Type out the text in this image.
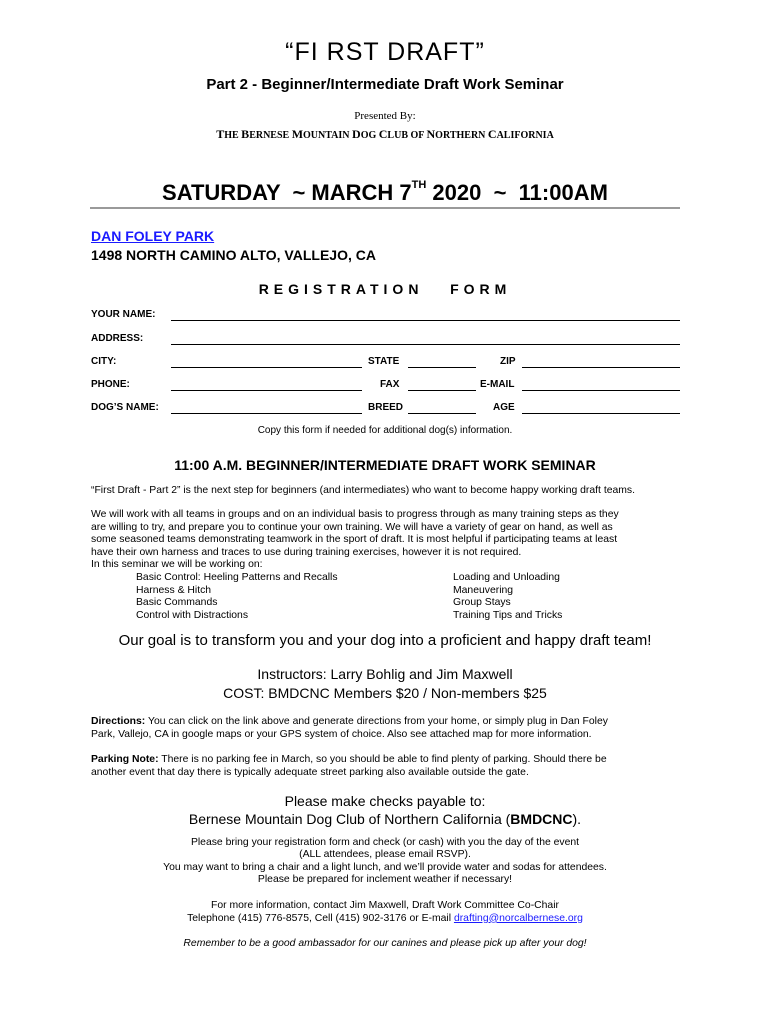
“FI RST DRAFT”
Part 2 - Beginner/Intermediate Draft Work Seminar
Presented By:
THE BERNESE MOUNTAIN DOG CLUB OF NORTHERN CALIFORNIA
SATURDAY  ~ MARCH 7TH 2020  ~  11:00AM
DAN FOLEY PARK
1498 NORTH CAMINO ALTO, VALLEJO, CA
REGISTRATION   FORM
YOUR NAME:
ADDRESS:
CITY:	STATE	ZIP
PHONE:	FAX	E-MAIL
DOG’S NAME:	BREED	AGE
Copy this form if needed for additional dog(s) information.
11:00 A.M. BEGINNER/INTERMEDIATE DRAFT WORK SEMINAR
“First Draft - Part 2” is the next step for beginners (and intermediates) who want to become happy working draft teams.
We will work with all teams in groups and on an individual basis to progress through as many training steps as they
are willing to try, and prepare you to continue your own training. We will have a variety of gear on hand, as well as
some seasoned teams demonstrating teamwork in the sport of draft. It is most helpful if participating teams at least
have their own harness and traces to use during training exercises, however it is not required.
In this seminar we will be working on:
Basic Control: Heeling Patterns and Recalls
Harness & Hitch
Basic Commands
Control with Distractions
Loading and Unloading
Maneuvering
Group Stays
Training Tips and Tricks
Our goal is to transform you and your dog into a proficient and happy draft team!
Instructors: Larry Bohlig and Jim Maxwell
COST: BMDCNC Members $20 / Non-members $25
Directions: You can click on the link above and generate directions from your home, or simply plug in Dan Foley
Park, Vallejo, CA in google maps or your GPS system of choice. Also see attached map for more information.
Parking Note: There is no parking fee in March, so you should be able to find plenty of parking. Should there be
another event that day there is typically adequate street parking also available outside the gate.
Please make checks payable to:
Bernese Mountain Dog Club of Northern California (BMDCNC).
Please bring your registration form and check (or cash) with you the day of the event
(ALL attendees, please email RSVP).
You may want to bring a chair and a light lunch, and we’ll provide water and sodas for attendees.
Please be prepared for inclement weather if necessary!
For more information, contact Jim Maxwell, Draft Work Committee Co-Chair
Telephone (415) 776-8575, Cell (415) 902-3176 or E-mail drafting@norcalbernese.org
Remember to be a good ambassador for our canines and please pick up after your dog!
